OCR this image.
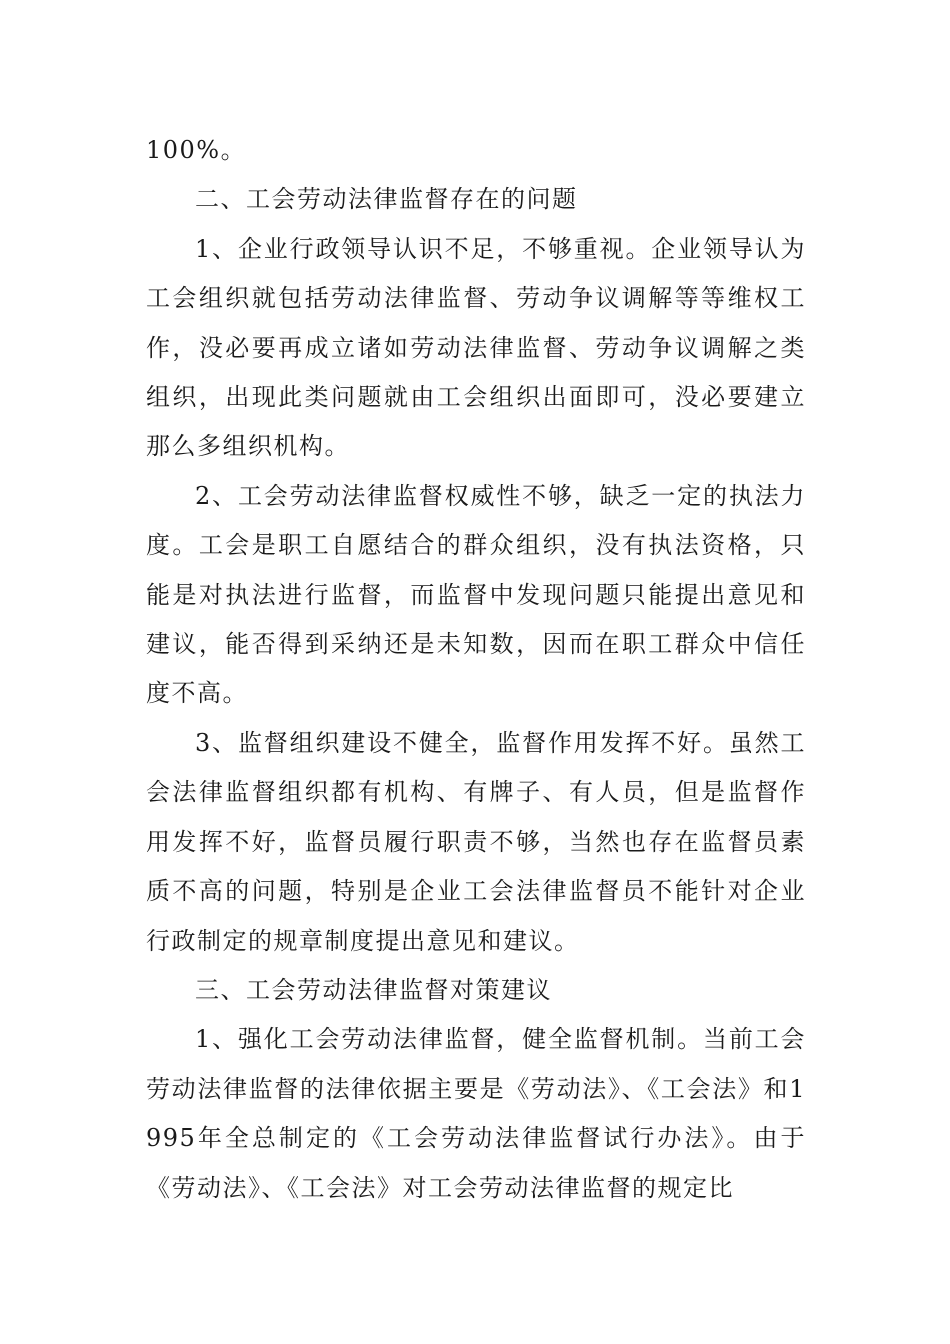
100%。

二、工会劳动法律监督存在的问题

1、企业行政领导认识不足，不够重视。企业领导认为工会组织就包括劳动法律监督、劳动争议调解等等维权工作，没必要再成立诸如劳动法律监督、劳动争议调解之类组织，出现此类问题就由工会组织出面即可，没必要建立那么多组织机构。

2、工会劳动法律监督权威性不够，缺乏一定的执法力度。工会是职工自愿结合的群众组织，没有执法资格，只能是对执法进行监督，而监督中发现问题只能提出意见和建议，能否得到采纳还是未知数，因而在职工群众中信任度不高。

3、监督组织建设不健全，监督作用发挥不好。虽然工会法律监督组织都有机构、有牌子、有人员，但是监督作用发挥不好，监督员履行职责不够，当然也存在监督员素质不高的问题，特别是企业工会法律监督员不能针对企业行政制定的规章制度提出意见和建议。

三、工会劳动法律监督对策建议

1、强化工会劳动法律监督，健全监督机制。当前工会劳动法律监督的法律依据主要是《劳动法》、《工会法》和1995年全总制定的《工会劳动法律监督试行办法》。由于《劳动法》、《工会法》对工会劳动法律监督的规定比
